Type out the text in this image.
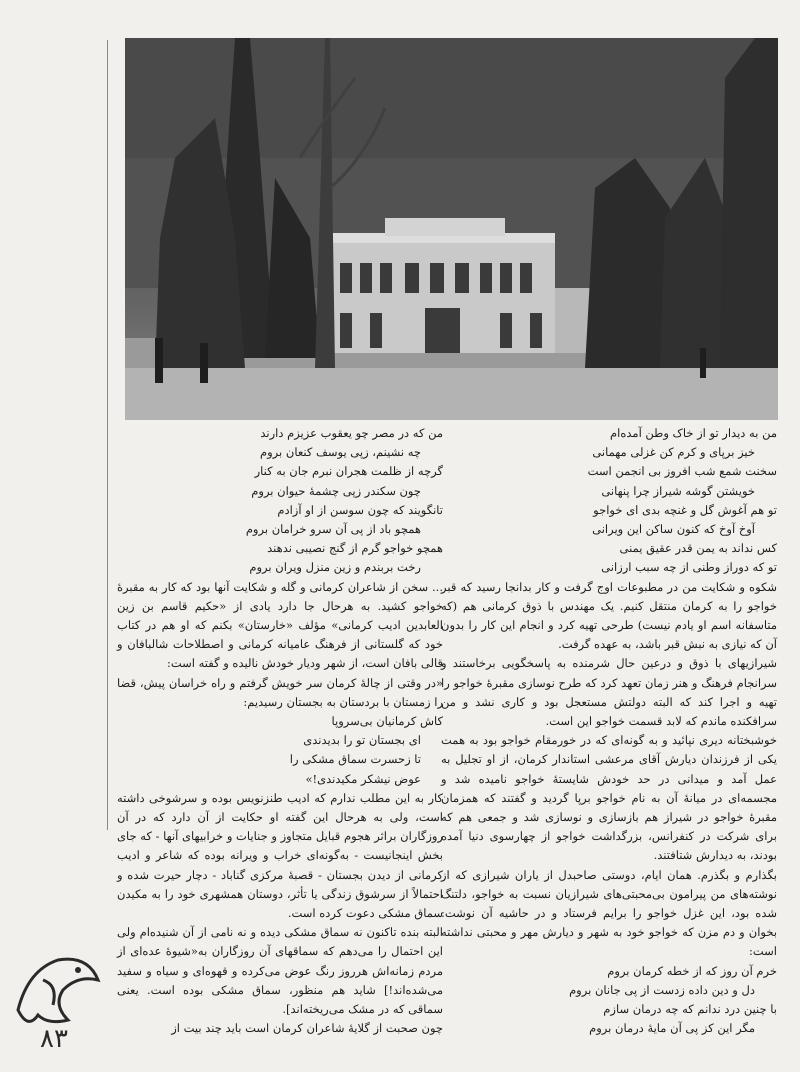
من به دیدار تو از خاک وطن آمده‌ام

خیز برپای و کرم کن غزلی مهمانی

سخنت شمع شب افروز بی انجمن است

خویشتن گوشه شیراز چرا پنهانی

تو هم آغوش گل و غنچه بدی ای خواجو

آوخ آوخ که کنون ساکن این ویرانی

کس نداند به یمن قدر عقیق یمنی

تو که دوراز وطنی از چه سبب ارزانی

شکوه و شکایت من در مطبوعات اوج گرفت و کار بدانجا رسید که قبر خواجو را به کرمان منتقل کنیم. یک مهندس با ذوق کرمانی هم (که متاسفانه اسم او یادم نیست) طرحی تهیه کرد و انجام این کار را بدون آن که نیازی به نبش قبر باشد، به عهده گرفت.

شیرازیهای با ذوق و درعین حال شرمنده به پاسخگویی برخاستند و سرانجام فرهنگ و هنر زمان تعهد کرد که طرح نوسازی مقبرهٔ خواجو را تهیه و اجرا کند که البته دولتش مستعجل بود و کاری نشد و من سرافکنده ماندم که لابد قسمت خواجو این است.

خوشبختانه دیری نپائید و به گونه‌ای که در خورمقام خواجو بود به همت یکی از فرزندان دیارش آقای مرعشی استاندار کرمان، از او تجلیل به عمل آمد و میدانی در حد خودش شایستهٔ خواجو نامیده شد و مجسمه‌ای در میانهٔ آن به نام خواجو برپا گردید و گفتند که همزمان مقبرهٔ خواجو در شیراز هم بازسازی و نوسازی شد و جمعی هم که برای شرکت در کنفرانس، بزرگداشت خواجو از چهارسوی دنیا آمده بودند، به دیدارش شتافتند.

بگذارم و بگذرم. همان ایام، دوستی صاحبدل از یاران شیرازی که از نوشته‌های من پیرامون بی‌محبتی‌های شیرازیان نسبت به خواجو، دلتنگ شده بود، این غزل خواجو را برایم فرستاد و در حاشیه آن نوشت: بخوان و دم مزن که خواجو خود به شهر و دیارش مهر و محبتی نداشته است:

خرم آن روز که از خطه کرمان بروم

دل و دین داده زدست از پی جانان بروم

با چنین درد ندانم که چه درمان سازم

مگر این کز پی آن مایهٔ درمان بروم

من که در مصر چو یعقوب عزیزم دارند

چه نشینم، زپی یوسف کنعان بروم

گرچه از ظلمت هجران نبرم جان به کنار

چون سکندر زپی چشمهٔ حیوان بروم

تانگویند که چون سوسن از او آزادم

همچو باد از پی آن سرو خرامان بروم

همچو خواجو گرم از گنج نصیبی ندهند

رخت بربندم و زین منزل ویران بروم

... سخن از شاعران کرمانی و گله و شکایت آنها بود که کار به مقبرهٔ خواجو کشید. به هرحال جا دارد یادی از «حکیم قاسم بن زین العابدین ادیب کرمانی» مؤلف «خارستان» بکنم که او هم در کتاب خود که گلستانی از فرهنگ عامیانه کرمانی و اصطلاحات شالبافان و قالی بافان است، از شهر ودیار خودش نالیده و گفته است:

«در وقتی از چالهٔ کرمان سر خویش گرفتم و راه خراسان پیش، قضا را زمستان با بردستان به بجستان رسیدیم:

کاش کرمانیان بی‌سروپا

ای بجستان تو را بدیدندی

تا زحسرت سماق مشکی را

عوض نیشکر مکیدندی!»

کار به این مطلب ندارم که ادیب طنزنویس بوده و سرشوخی داشته است، ولی به هرحال این گفته او حکایت از آن دارد که در آن روزگاران براثر هجوم قبایل متجاوز و جنایات و خرابیهای آنها - که جای بخش اینجانیست - به‌گونه‌ای خراب و ویرانه بوده که شاعر و ادیب کرمانی از دیدن بجستان - قصبهٔ مرکزی گناباد - دچار حیرت شده و احتمالاً از سرشوق زندگی یا تأثر، دوستان همشهری خود را به مکیدن سماق مشکی دعوت کرده است.

البته بنده تاکنون نه سماق مشکی دیده و نه نامی از آن شنیده‌ام ولی این احتمال را می‌دهم که سماقهای آن روزگاران به‌«شیوهٔ عده‌ای از مردم زمانه‌اش هرروز رنگ عوض می‌کرده و قهوه‌ای و سیاه و سفید می‌شده‌اند!] شاید هم منظور، سماق مشکی بوده است. یعنی سماقی که در مشک می‌ریخته‌اند].

چون صحبت از گلایهٔ شاعران کرمان است باید چند بیت از

۸۳
